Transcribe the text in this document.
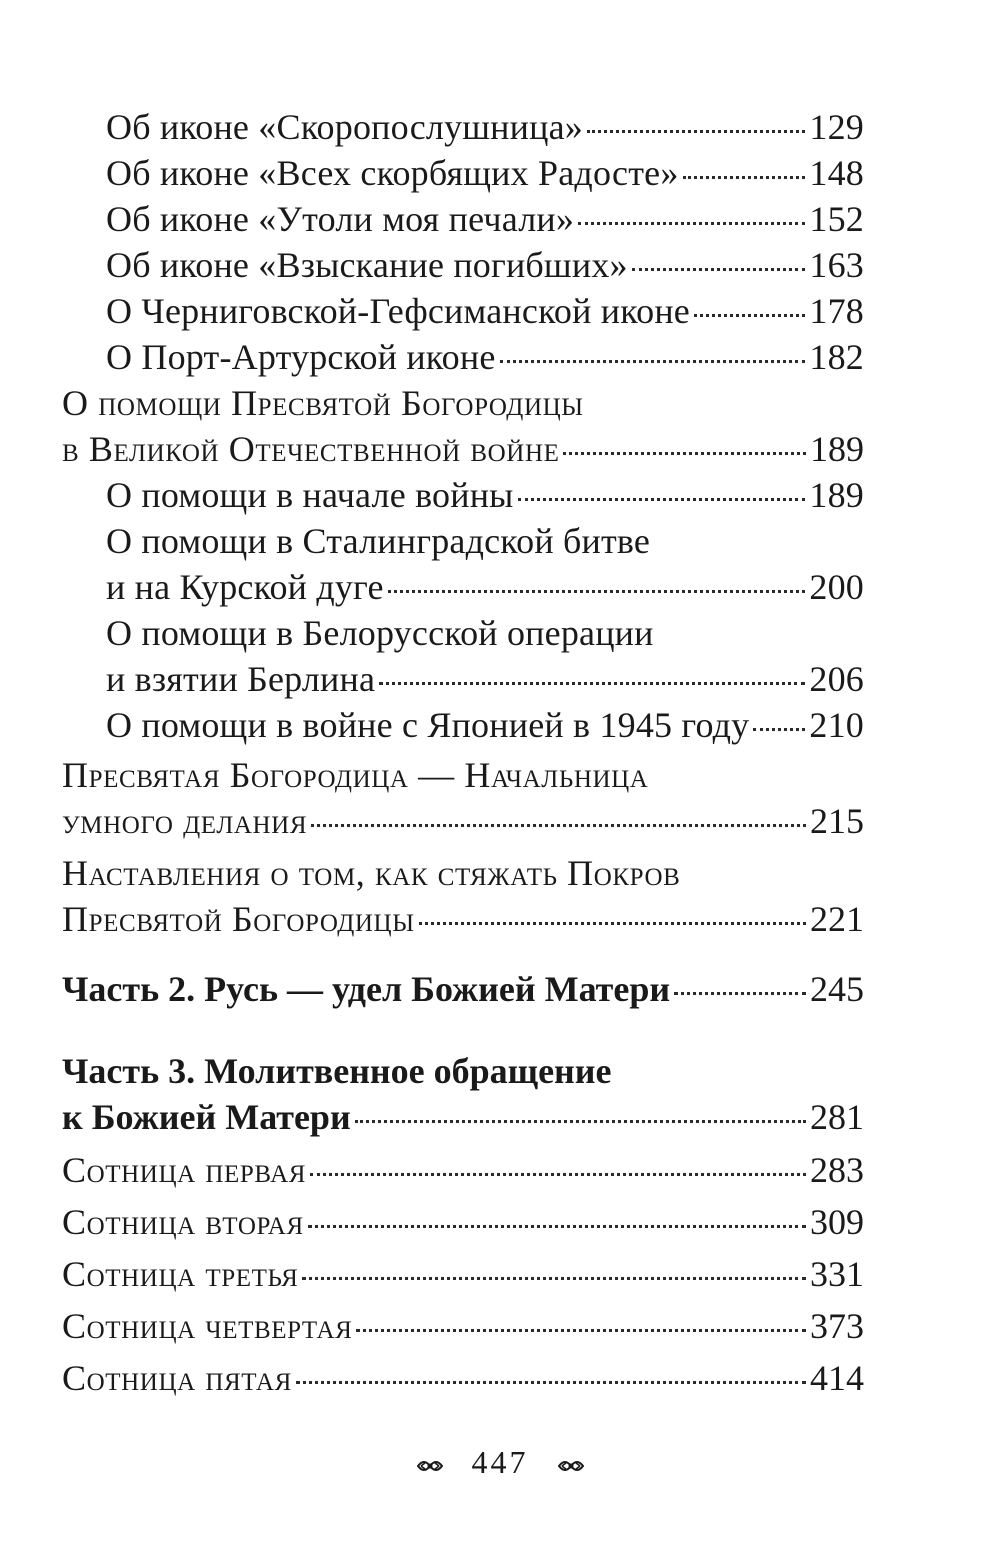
Об иконе «Скоропослушница»	129
Об иконе «Всех скорбящих Радосте»	148
Об иконе «Утоли моя печали»	152
Об иконе «Взыскание погибших»	163
О Черниговской-Гефсиманской иконе	178
О Порт-Артурской иконе	182
О помощи Пресвятой Богородицы
в Великой Отечественной войне	189
О помощи в начале войны	189
О помощи в Сталинградской битве
и на Курской дуге	200
О помощи в Белорусской операции
и взятии Берлина	206
О помощи в войне с Японией в 1945 году 210
Пресвятая Богородица — Начальница
умного делания	215
Наставления о том, как стяжать Покров
Пресвятой Богородицы	221
Часть 2. Русь — удел Божией Матери	245
Часть 3. Молитвенное обращение
к Божией Матери	281
Сотница первая	283
Сотница вторая	309
Сотница третья	331
Сотница четвертая	373
Сотница пятая	414
447
